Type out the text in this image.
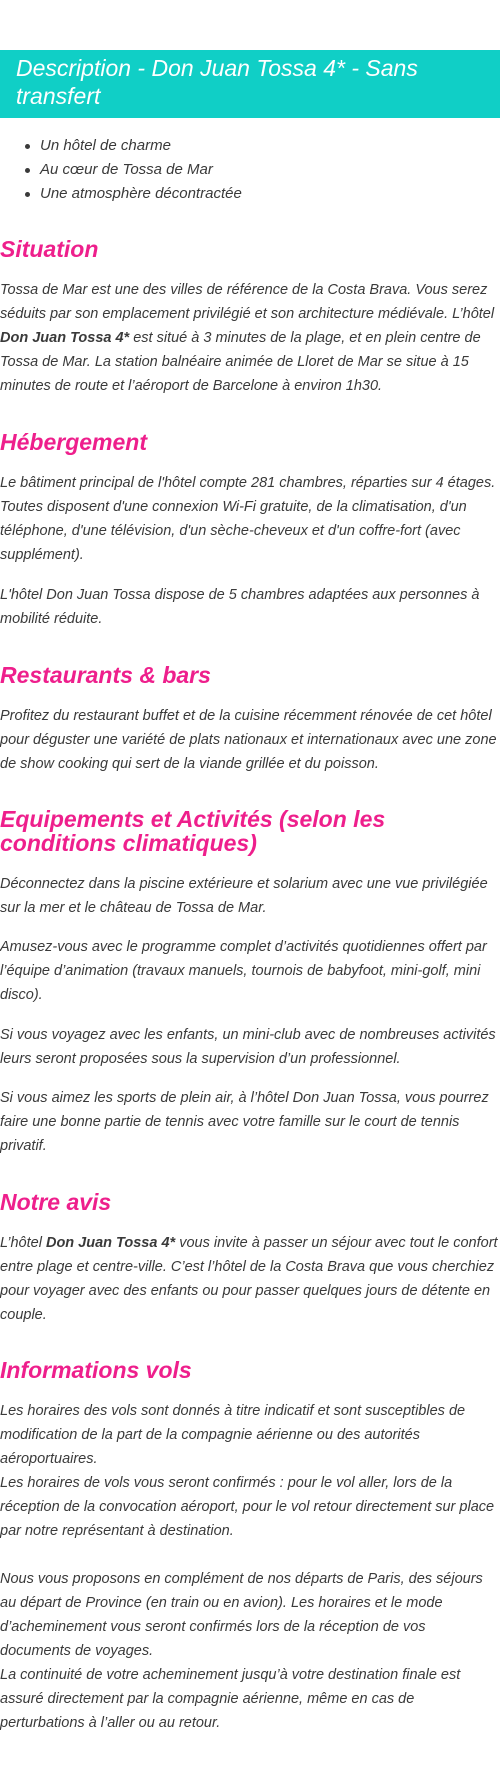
Description - Don Juan Tossa 4* - Sans transfert
Un hôtel de charme
Au cœur de Tossa de Mar
Une atmosphère décontractée
Situation

Tossa de Mar est une des villes de référence de la Costa Brava. Vous serez séduits par son emplacement privilégié et son architecture médiévale. L’hôtel Don Juan Tossa 4* est situé à 3 minutes de la plage, et en plein centre de Tossa de Mar. La station balnéaire animée de Lloret de Mar se situe à 15 minutes de route et l’aéroport de Barcelone à environ 1h30.

Hébergement

Le bâtiment principal de l'hôtel compte 281 chambres, réparties sur 4 étages. Toutes disposent d'une connexion Wi-Fi gratuite, de la climatisation, d'un téléphone, d'une télévision, d'un sèche-cheveux et d'un coffre-fort (avec supplément).

L'hôtel Don Juan Tossa dispose de 5 chambres adaptées aux personnes à mobilité réduite.

Restaurants & bars

Profitez du restaurant buffet et de la cuisine récemment rénovée de cet hôtel pour déguster une variété de plats nationaux et internationaux avec une zone de show cooking qui sert de la viande grillée et du poisson.

Equipements et Activités (selon les conditions climatiques)

Déconnectez dans la piscine extérieure et solarium avec une vue privilégiée sur la mer et le château de Tossa de Mar.

Amusez-vous avec le programme complet d’activités quotidiennes offert par l’équipe d’animation (travaux manuels, tournois de babyfoot, mini-golf, mini disco).

Si vous voyagez avec les enfants, un mini-club avec de nombreuses activités leurs seront proposées sous la supervision d’un professionnel.

Si vous aimez les sports de plein air, à l’hôtel Don Juan Tossa, vous pourrez faire une bonne partie de tennis avec votre famille sur le court de tennis privatif.

Notre avis

L’hôtel Don Juan Tossa 4* vous invite à passer un séjour avec tout le confort entre plage et centre-ville. C’est l’hôtel de la Costa Brava que vous cherchiez pour voyager avec des enfants ou pour passer quelques jours de détente en couple.

Informations vols

Les horaires des vols sont donnés à titre indicatif et sont susceptibles de modification de la part de la compagnie aérienne ou des autorités aéroportuaires.

Les horaires de vols vous seront confirmés : pour le vol aller, lors de la réception de la convocation aéroport, pour le vol retour directement sur place par notre représentant à destination.

Nous vous proposons en complément de nos départs de Paris, des séjours au départ de Province (en train ou en avion). Les horaires et le mode d’acheminement vous seront confirmés lors de la réception de vos documents de voyages.

La continuité de votre acheminement jusqu’à votre destination finale est assuré directement par la compagnie aérienne, même en cas de perturbations à l’aller ou au retour.
